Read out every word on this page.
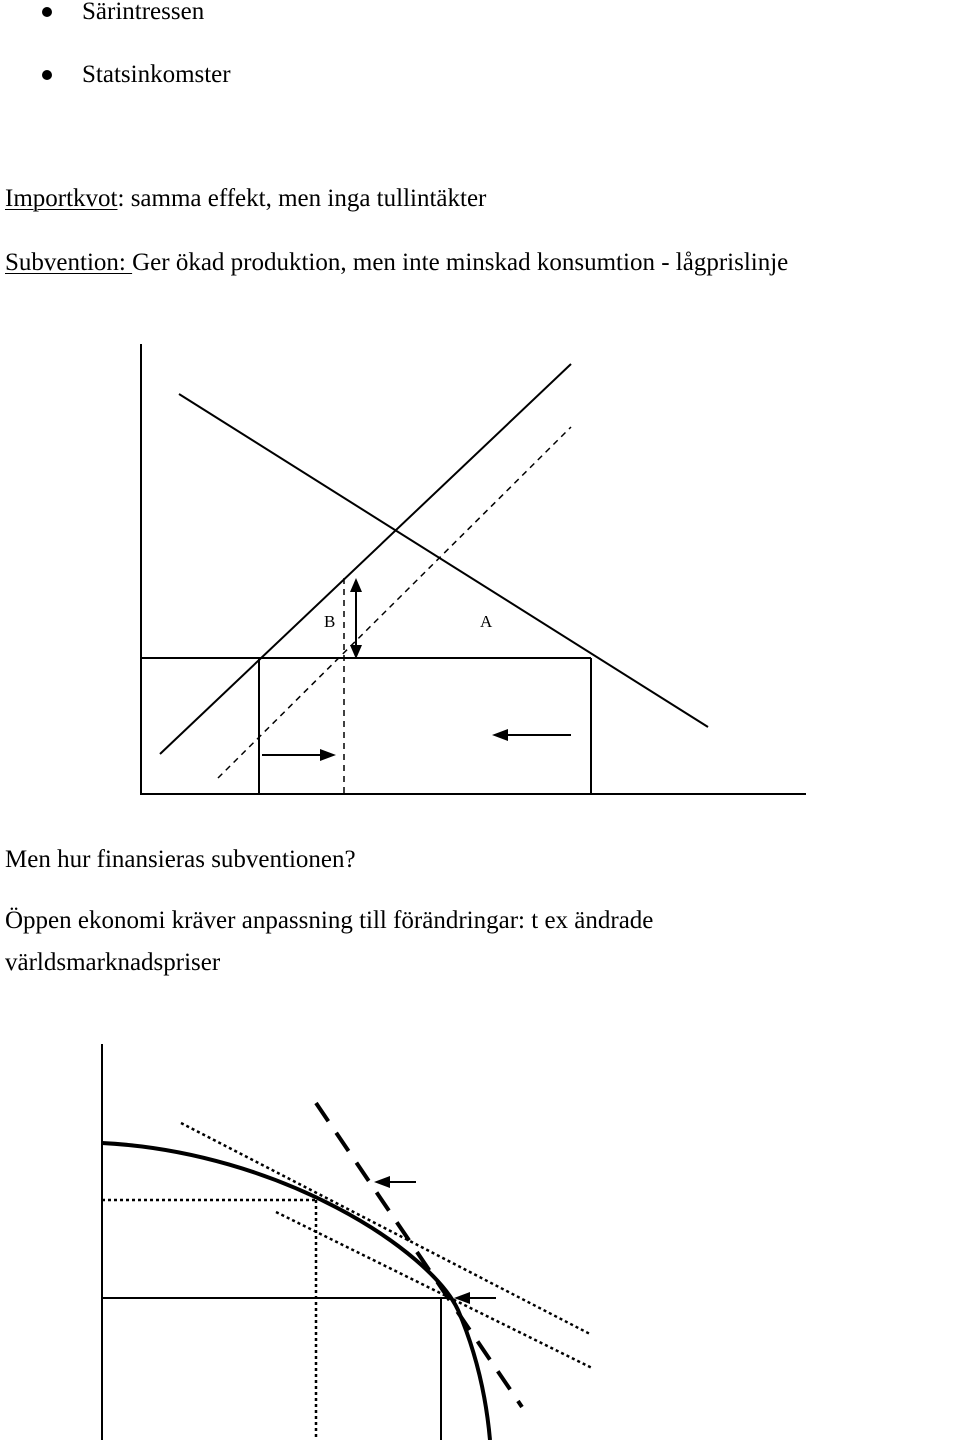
Särintressen
Statsinkomster
Importkvot: samma effekt, men inga tullintäkter
Subvention: Ger ökad produktion, men inte minskad konsumtion - lågprislinje
B	A
Men hur finansieras subventionen?
Öppen ekonomi kräver anpassning till förändringar: t ex ändrade
världsmarknadspriser
